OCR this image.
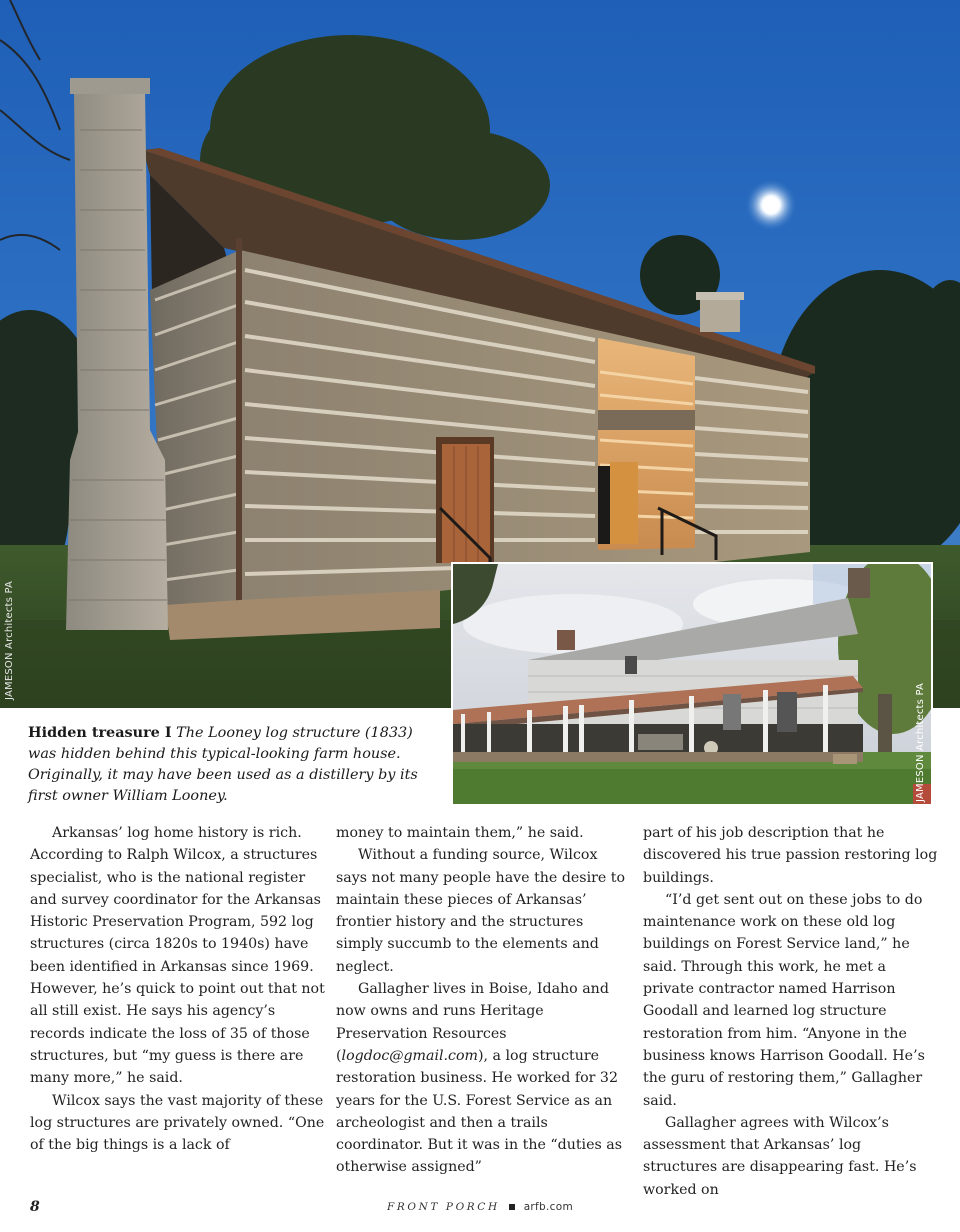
JAMESON Architects PA
JAMESON Architects PA

Hidden treasure I The Looney log structure (1833) was hidden behind this typical-looking farm house. Originally, it may have been used as a distillery by its first owner William Looney.

Arkansas’ log home history is rich. According to Ralph Wilcox, a structures specialist, who is the national register and survey coordinator for the Arkansas Historic Preservation Program, 592 log structures (circa 1820s to 1940s) have been identified in Arkansas since 1969. However, he’s quick to point out that not all still exist. He says his agency’s records indicate the loss of 35 of those structures, but “my guess is there are many more,” he said.

Wilcox says the vast majority of these log structures are privately owned. “One of the big things is a lack of

money to maintain them,” he said.

Without a funding source, Wilcox says not many people have the desire to maintain these pieces of Arkansas’ frontier history and the structures simply succumb to the elements and neglect.

Gallagher lives in Boise, Idaho and now owns and runs Heritage Preservation Resources (logdoc@gmail.com), a log structure restoration business. He worked for 32 years for the U.S. Forest Service as an archeologist and then a trails coordinator. But it was in the “duties as otherwise assigned”

part of his job description that he discovered his true passion restoring log buildings.

“I’d get sent out on these jobs to do maintenance work on these old log buildings on Forest Service land,” he said. Through this work, he met a private contractor named Harrison Goodall and learned log structure restoration from him. “Anyone in the business knows Harrison Goodall. He’s the guru of restoring them,” Gallagher said.

Gallagher agrees with Wilcox’s assessment that Arkansas’ log structures are disappearing fast. He’s worked on

8	FRONT PORCH arfb.com
